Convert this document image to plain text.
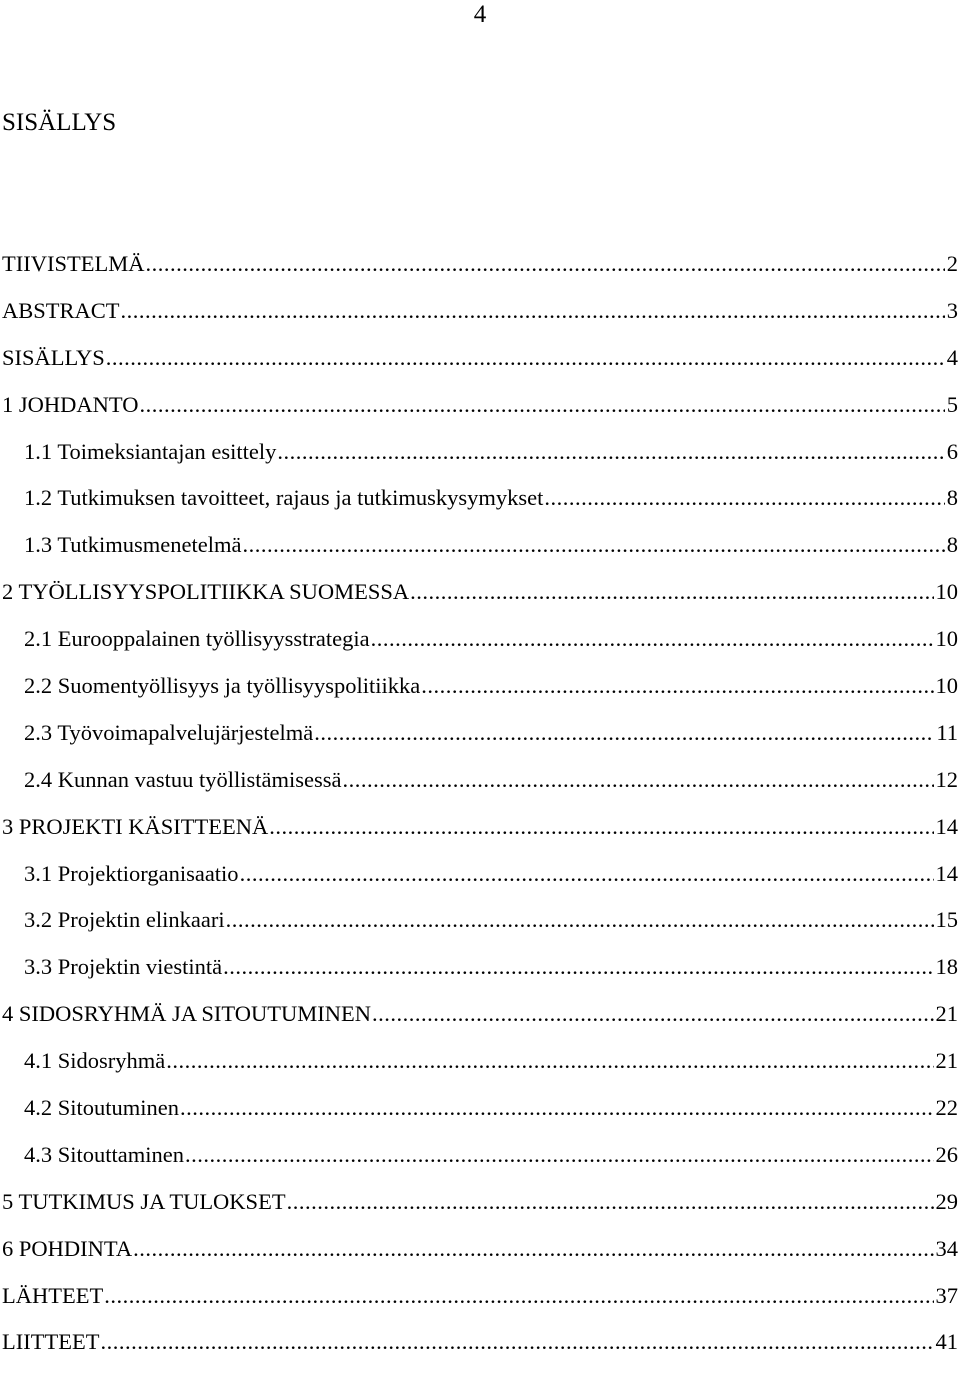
4
SISÄLLYS
TIIVISTELMÄ .....	2
ABSTRACT .....	3
SISÄLLYS .....	4
1 JOHDANTO .....	5
1.1 Toimeksiantajan esittely .....	6
1.2 Tutkimuksen tavoitteet, rajaus ja tutkimuskysymykset .....	8
1.3 Tutkimusmenetelmä .....	8
2 TYÖLLISYYSPOLITIIKKA SUOMESSA .....	10
2.1 Eurooppalainen työllisyysstrategia .....	10
2.2 Suomentyöllisyys ja työllisyyspolitiikka .....	10
2.3 Työvoimapalvelujärjestelmä .....	11
2.4 Kunnan vastuu työllistämisessä .....	12
3 PROJEKTI KÄSITTEENÄ .....	14
3.1 Projektiorganisaatio .....	14
3.2 Projektin elinkaari .....	15
3.3 Projektin viestintä .....	18
4 SIDOSRYHMÄ JA SITOUTUMINEN .....	21
4.1 Sidosryhmä .....	21
4.2 Sitoutuminen .....	22
4.3 Sitouttaminen .....	26
5 TUTKIMUS JA TULOKSET .....	29
6 POHDINTA .....	34
LÄHTEET .....	37
LIITTEET .....	41
